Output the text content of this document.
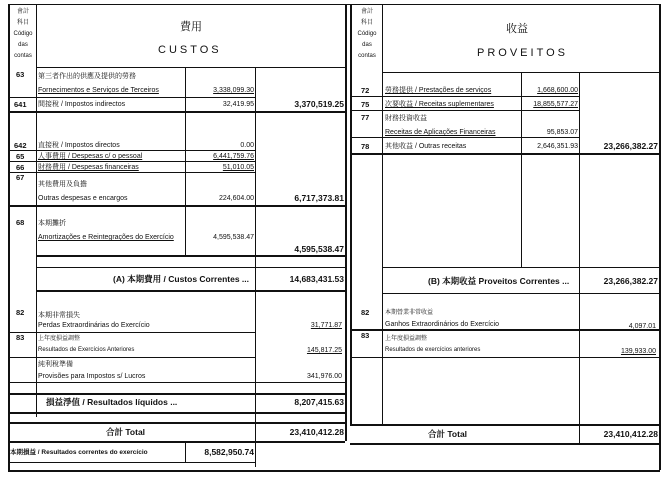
會計
科目
Código
das
contas
會計
科目
Código
das
contas
費用
CUSTOS
收益
PROVEITOS
63 第三者作出的供應及提供的勞務
Fornecimentos e Serviços de Terceiros	3,338,099.30
641 間接稅 / Impostos indirectos	32,419.95	3,370,519.25
642 直接稅 / Impostos directos	0.00
65 人事費用 / Despesas c/ o pessoal	6,441,759.76
66 財務費用 / Despesas financeiras	51,010.05
67
其他費用及負擔
Outras despesas e encargos	224,604.00	6,717,373.81
68 本期攤折
Amortizações e Reintegrações do Exercício	4,595,538.47
4,595,538.47
(A) 本期費用 / Custos Correntes ...	14,683,431.53
82 本期非常損失
Perdas Extraordinárias do Exercício	31,771.87
83 上年度損益調整
Resultados de Exercícios Anteriores	145,817.25
純利稅準備
Provisões para Impostos s/ Lucros	341,976.00
損益淨值 / Resultados líquidos ...	8,207,415.63
合計 Total	23,410,412.28
本期損益 / Resultados correntes do exercício	8,582,950.74
72 勞務提供 / Prestações de serviços	1,668,600.00
75 次要收益 / Receitas suplementares	18,855,577.27
77 財務投資收益
Receitas de Aplicações Financeiras	95,853.07
78 其他收益 / Outras receitas	2,646,351.93	23,266,382.27
(B) 本期收益 Proveitos Correntes ...	23,266,382.27
82	本期營業非常收益
Ganhos Extraordinários do Exercício	4,097.01
83	上年度損益調整
Resultados de exercícios anteriores	139,933.00
合計 Total	23,410,412.28
